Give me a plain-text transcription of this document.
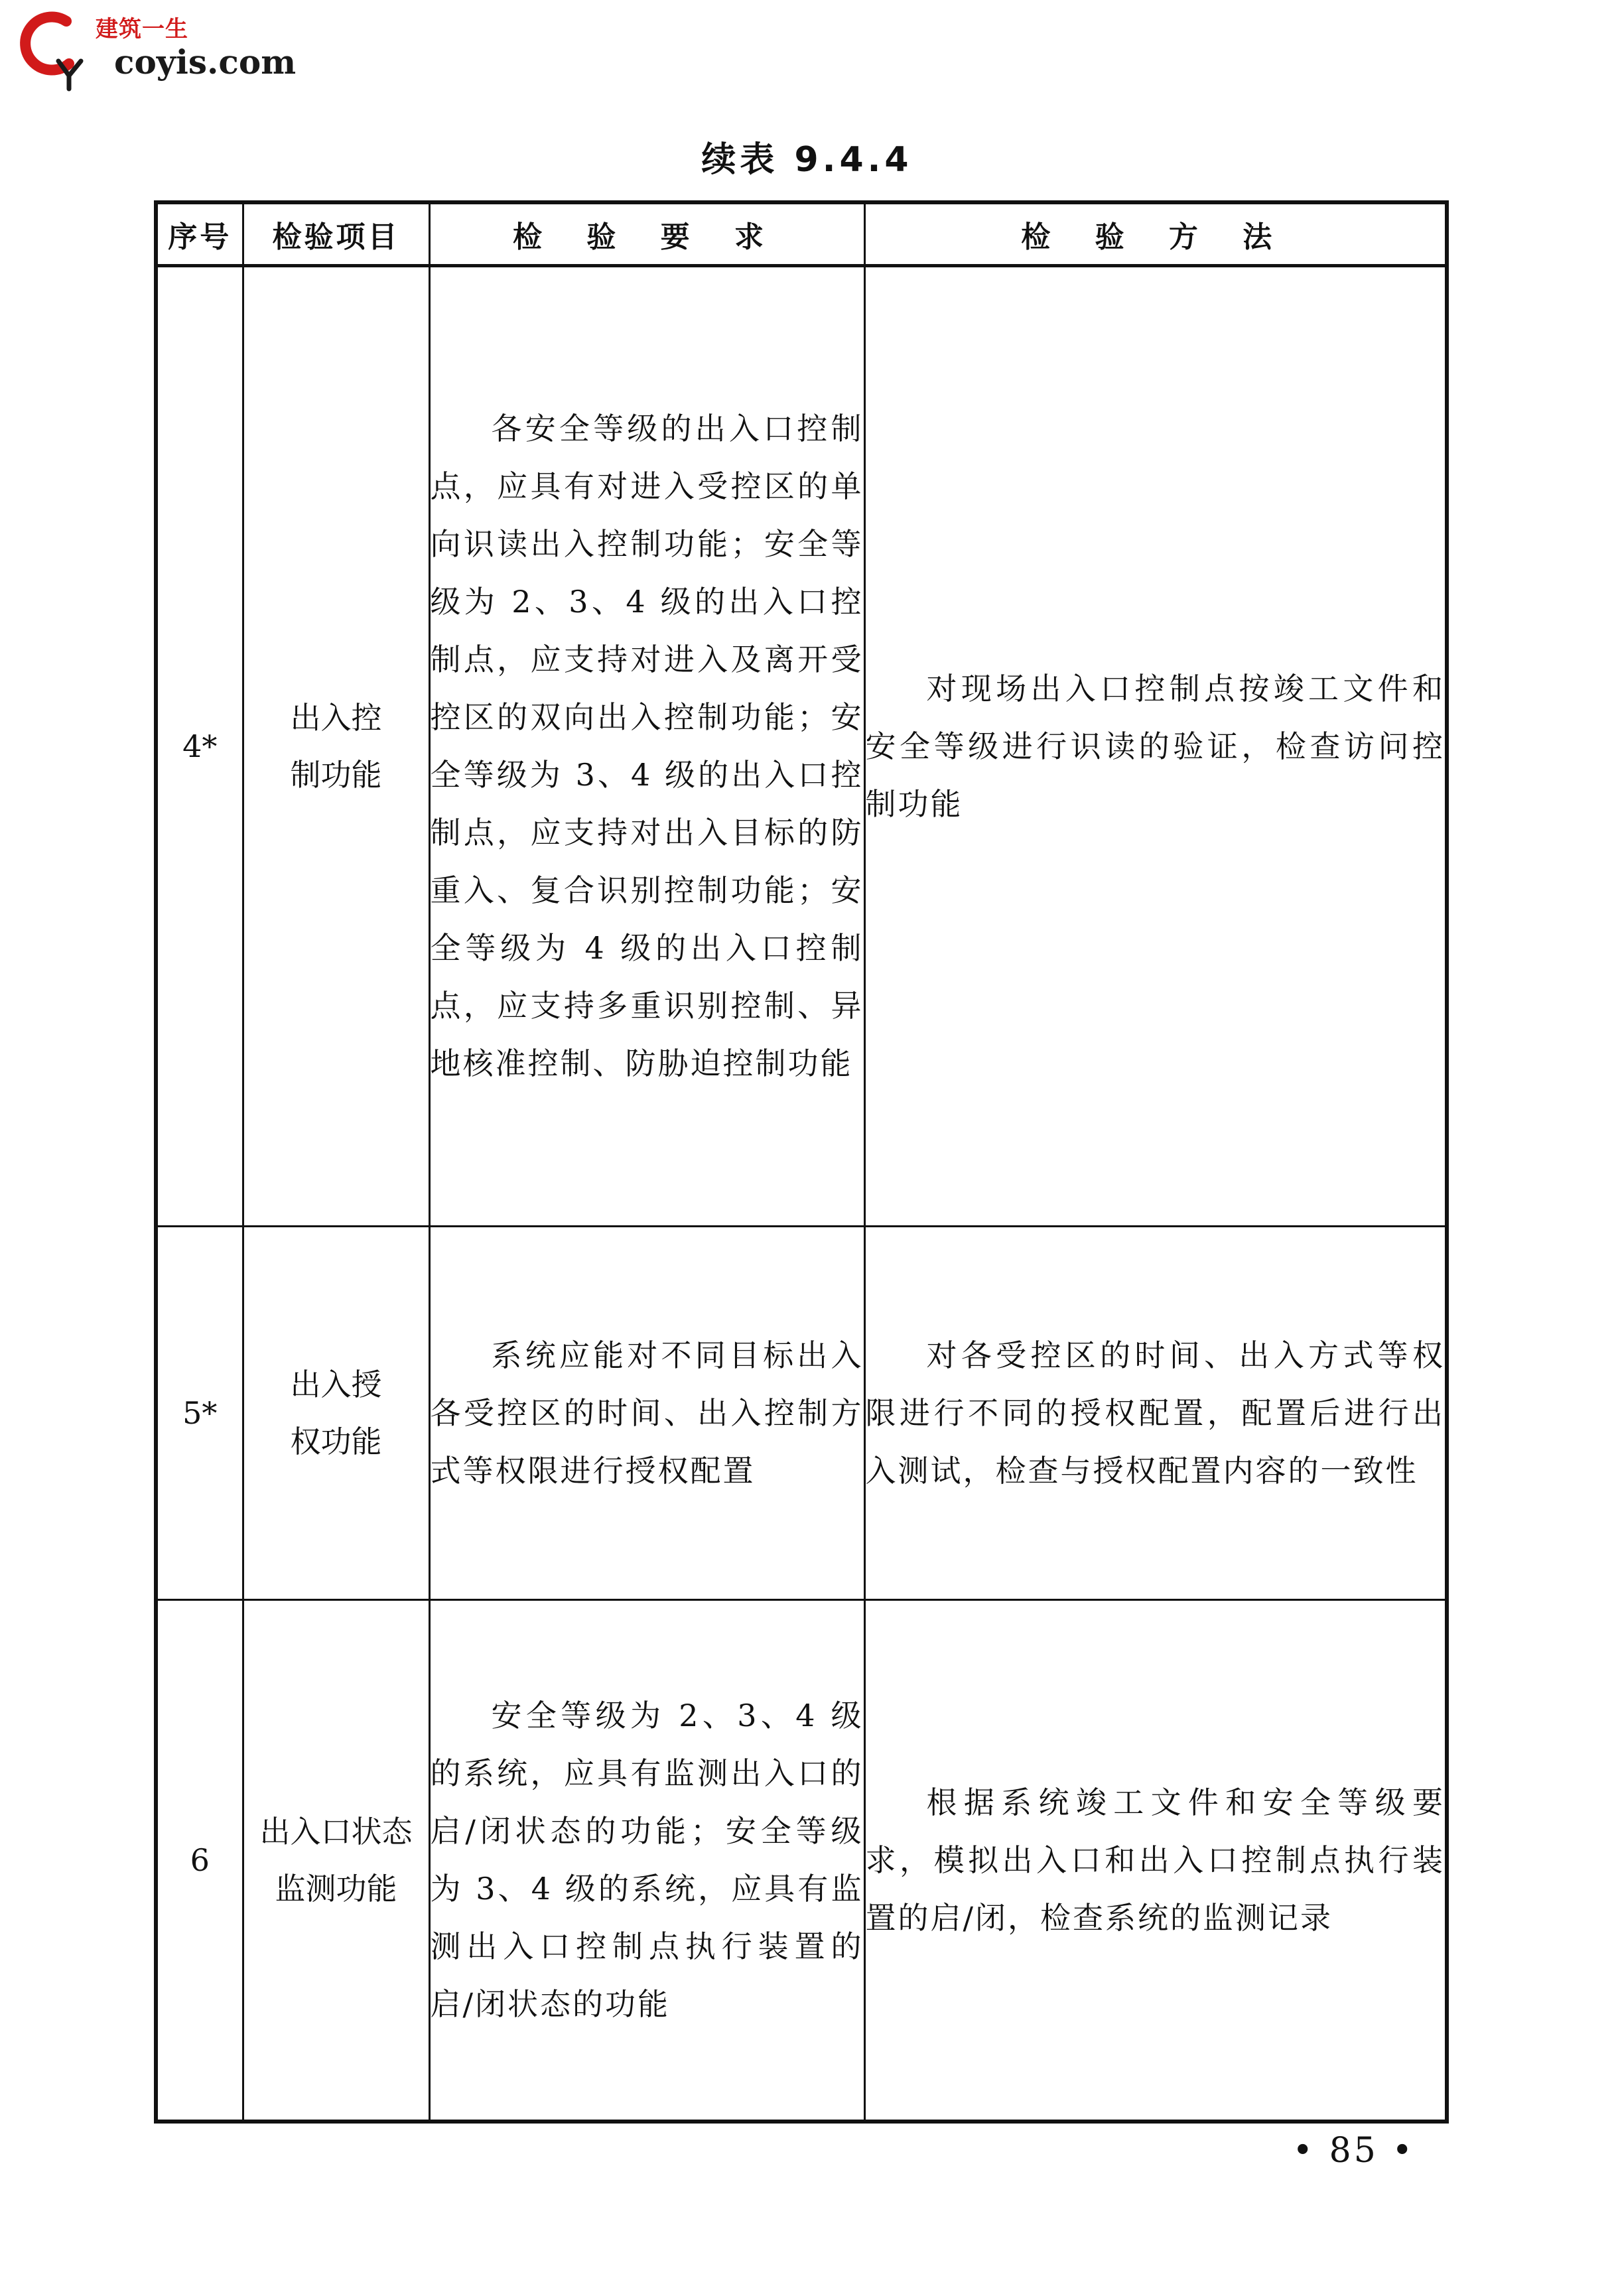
建筑一生
coyis.com
续表 9.4.4
序号	检验项目	检 验 要 求	检 验 方 法
4*	出入控制功能	各安全等级的出入口控制点，应具有对进入受控区的单向识读出入控制功能；安全等级为 2、3、4 级的出入口控制点，应支持对进入及离开受控区的双向出入控制功能；安全等级为 3、4 级的出入口控制点，应支持对出入目标的防重入、复合识别控制功能；安全等级为 4 级的出入口控制点，应支持多重识别控制、异地核准控制、防胁迫控制功能	对现场出入口控制点按竣工文件和安全等级进行识读的验证，检查访问控制功能

5*	出入授权功能	系统应能对不同目标出入各受控区的时间、出入控制方式等权限进行授权配置	对各受控区的时间、出入方式等权限进行不同的授权配置，配置后进行出入测试，检查与授权配置内容的一致性

6	出入口状态监测功能	安全等级为 2、3、4 级的系统，应具有监测出入口的启/闭状态的功能；安全等级为 3、4 级的系统，应具有监测出入口控制点执行装置的启/闭状态的功能	根据系统竣工文件和安全等级要求，模拟出入口和出入口控制点执行装置的启/闭，检查系统的监测记录

• 85 •
